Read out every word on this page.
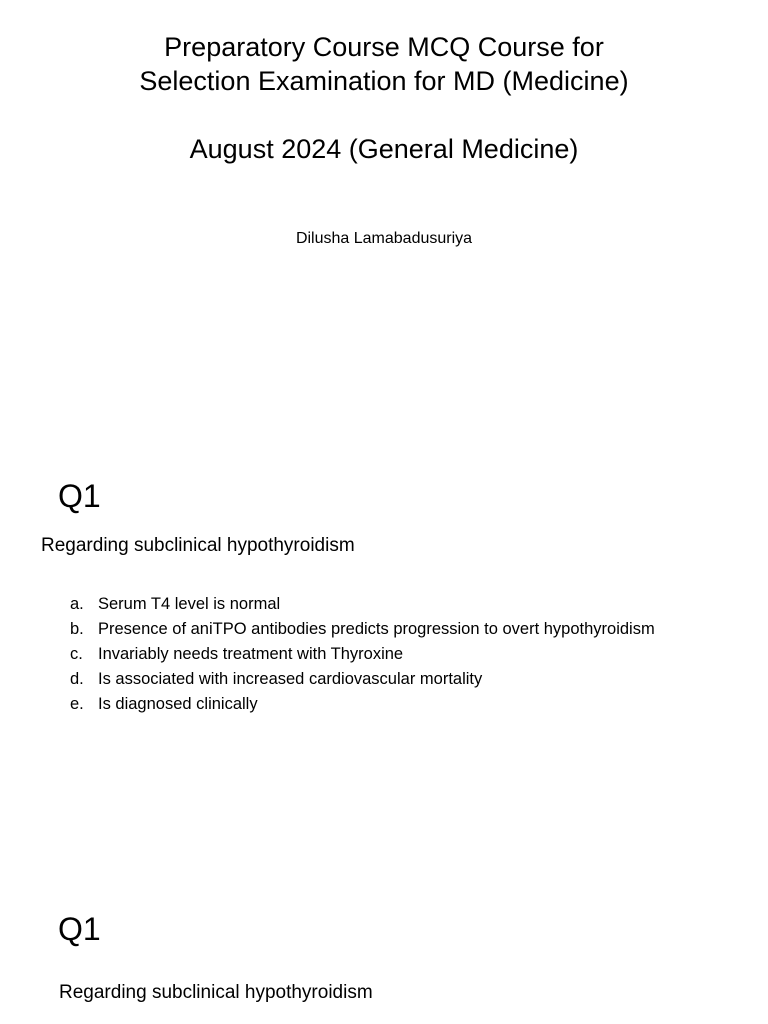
Preparatory Course MCQ Course for
Selection Examination for MD (Medicine)
August 2024 (General Medicine)
Dilusha Lamabadusuriya
Q1
Regarding subclinical hypothyroidism
a. Serum T4 level is normal
b. Presence of aniTPO antibodies predicts progression to overt hypothyroidism
c. Invariably needs treatment with Thyroxine
d. Is associated with increased cardiovascular mortality
e. Is diagnosed clinically
Q1
Regarding subclinical hypothyroidism
